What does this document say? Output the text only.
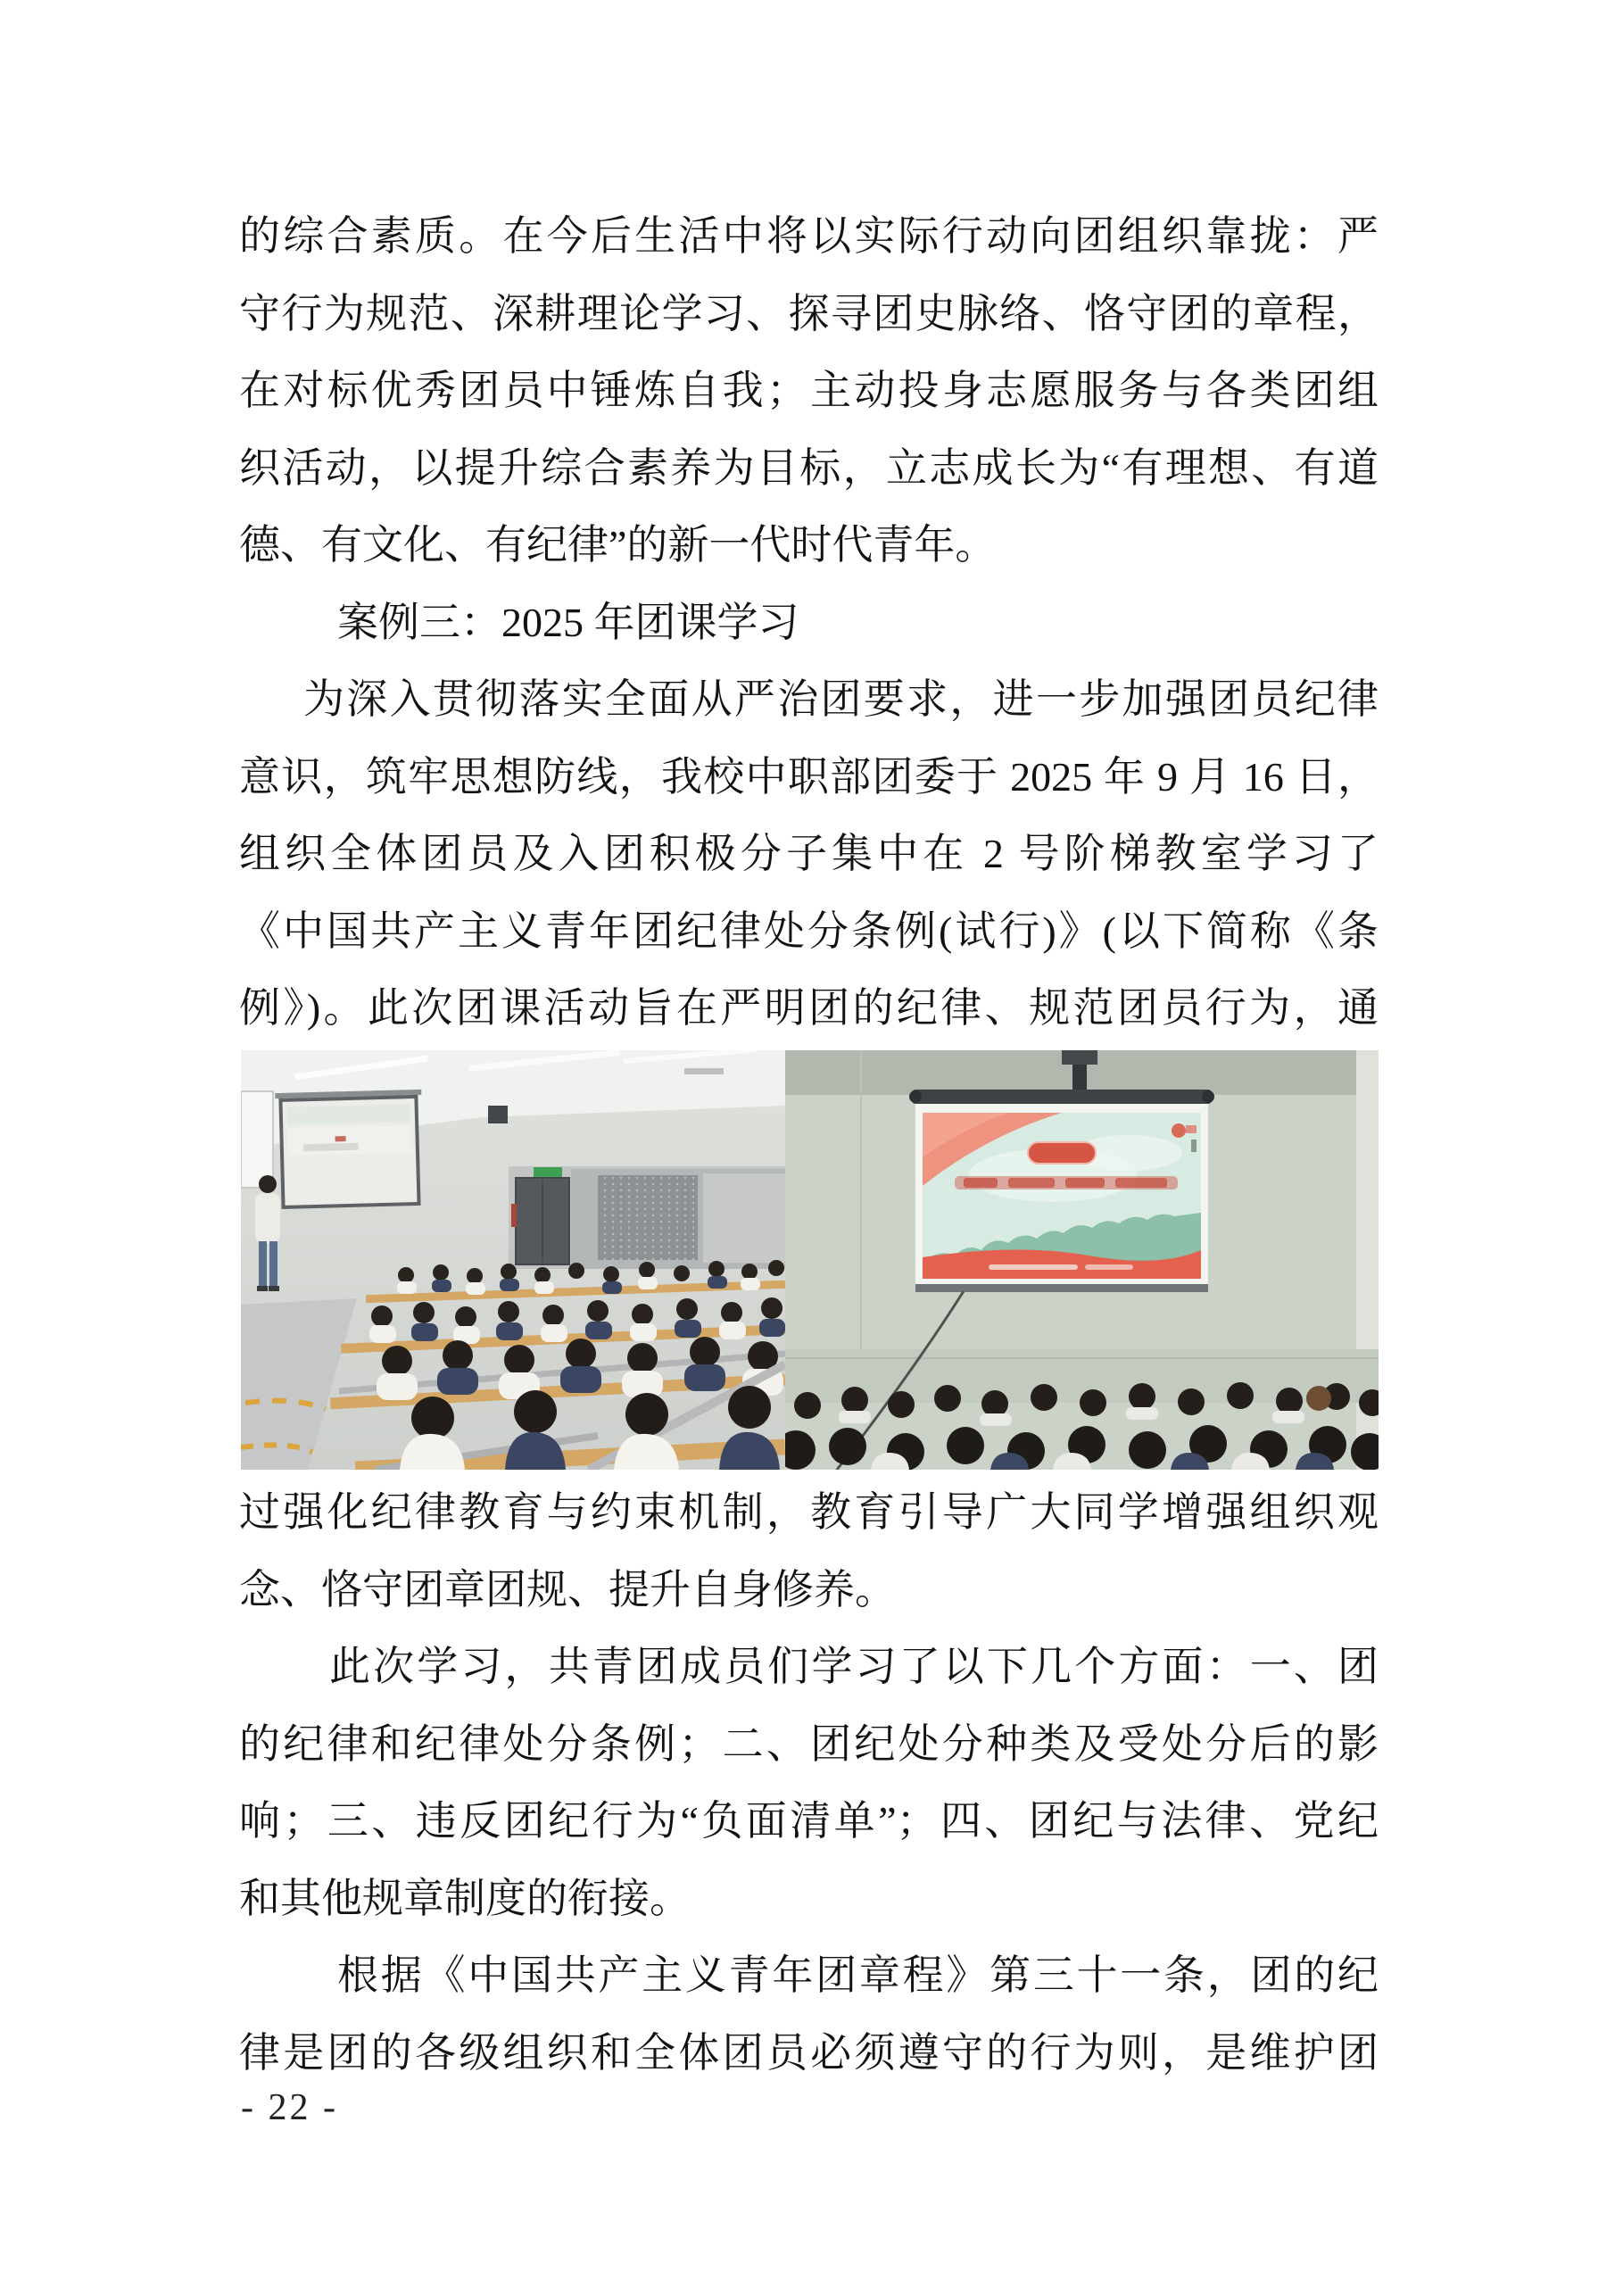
的综合素质。在今后生活中将以实际行动向团组织靠拢：严
守行为规范、深耕理论学习、探寻团史脉络、恪守团的章程，
在对标优秀团员中锤炼自我；主动投身志愿服务与各类团组
织活动，以提升综合素养为目标，立志成长为“有理想、有道
德、有文化、有纪律”的新一代时代青年。
案例三：2025 年团课学习
为深入贯彻落实全面从严治团要求，进一步加强团员纪律
意识，筑牢思想防线，我校中职部团委于 2025 年 9 月 16 日，
组织全体团员及入团积极分子集中在 2 号阶梯教室学习了
《中国共产主义青年团纪律处分条例(试行)》(以下简称《条
例》)。此次团课活动旨在严明团的纪律、规范团员行为，通
过强化纪律教育与约束机制，教育引导广大同学增强组织观
念、恪守团章团规、提升自身修养。
此次学习，共青团成员们学习了以下几个方面：一、团
的纪律和纪律处分条例；二、团纪处分种类及受处分后的影
响；三、违反团纪行为“负面清单”；四、团纪与法律、党纪
和其他规章制度的衔接。
根据《中国共产主义青年团章程》第三十一条，团的纪
律是团的各级组织和全体团员必须遵守的行为则，是维护团
- 22 -
